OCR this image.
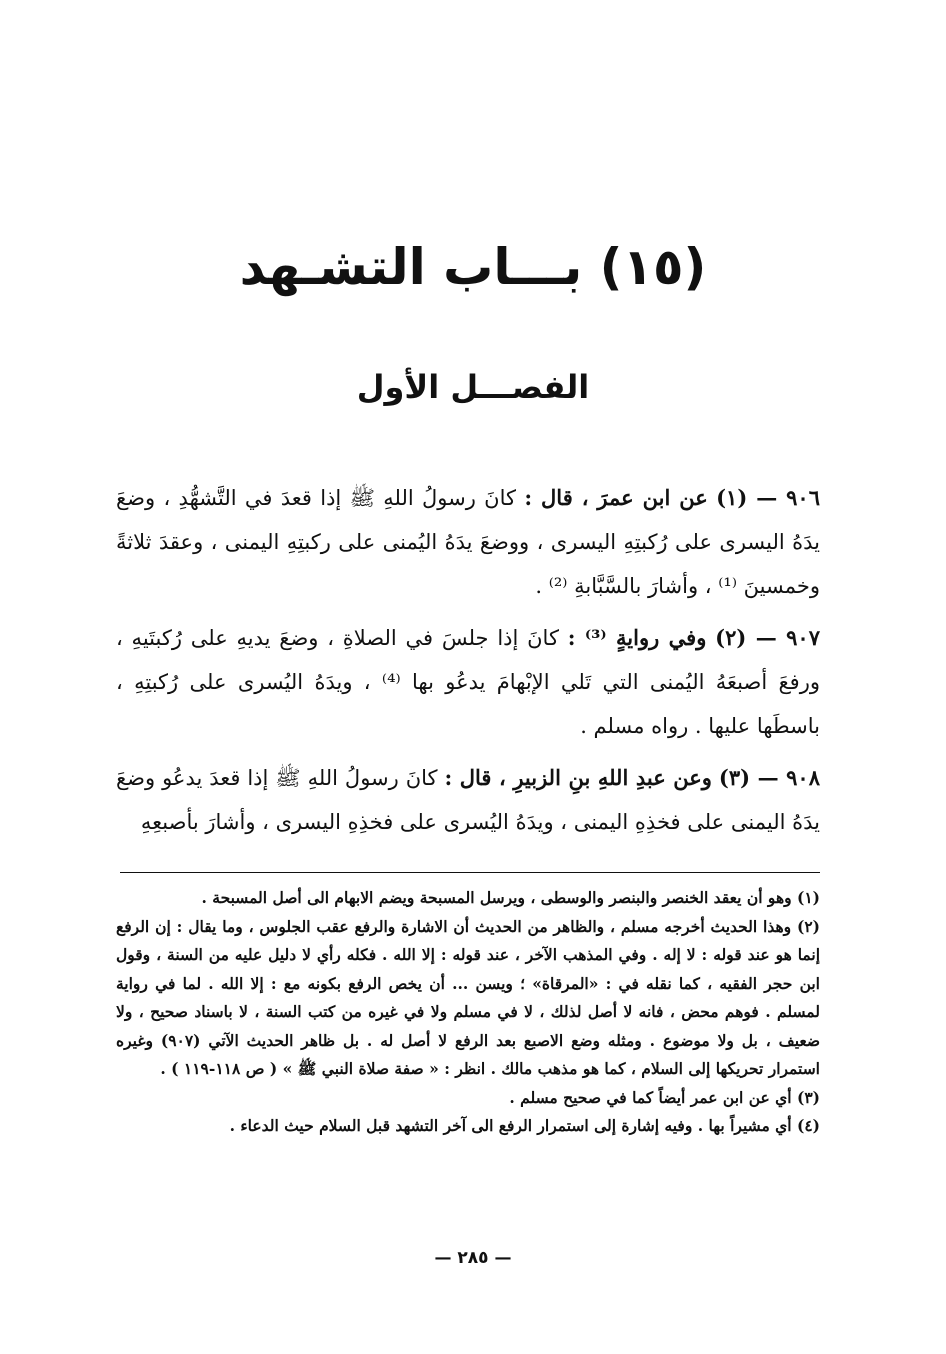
(١٥) بـــاب التشـهد
الفصـــل الأول

٩٠٦ — (١) عن ابن عمرَ ، قال : كانَ رسولُ اللهِ ﷺ إذا قعدَ في التَّشهُّدِ ، وضعَ يدَهُ اليسرى على رُكبتِهِ اليسرى ، ووضعَ يدَهُ اليُمنى على ركبتِهِ اليمنى ، وعقدَ ثلاثةً وخمسينَ ⁽¹⁾ ، وأشارَ بالسَّبَّابةِ ⁽²⁾ .

٩٠٧ — (٢) وفي روايةٍ ⁽³⁾ : كانَ إذا جلسَ في الصلاةِ ، وضعَ يديهِ على رُكبتَيهِ ، ورفعَ أصبعَهُ اليُمنى التي تَلي الإبْهامَ يدعُو بها ⁽⁴⁾ ، ويدَهُ اليُسرى على رُكبتِهِ ، باسطَها عليها . رواه مسلم .

٩٠٨ — (٣) وعن عبدِ اللهِ بنِ الزبيرِ ، قال : كانَ رسولُ اللهِ ﷺ إذا قعدَ يدعُو وضعَ يدَهُ اليمنى على فخذِهِ اليمنى ، ويدَهُ اليُسرى على فخذِهِ اليسرى ، وأشارَ بأصبعِهِ

(١) وهو أن يعقد الخنصر والبنصر والوسطى ، ويرسل المسبحة ويضم الابهام الى أصل المسبحة .

(٢) وهذا الحديث أخرجه مسلم ، والظاهر من الحديث أن الاشارة والرفع عقب الجلوس ، وما يقال : إن الرفع إنما هو عند قوله : لا إله . وفي المذهب الآخر ، عند قوله : إلا الله . فكله رأي لا دليل عليه من السنة ، وقول ابن حجر الفقيه ، كما نقله في : «المرقاة» ؛ ويسن ... أن يخص الرفع بكونه مع : إلا الله . لما في رواية لمسلم . فوهم محض ، فانه لا أصل لذلك ، لا في مسلم ولا في غيره من كتب السنة ، لا باسناد صحيح ، ولا ضعيف ، بل ولا موضوع . ومثله وضع الاصبع بعد الرفع لا أصل له . بل ظاهر الحديث الآتي (٩٠٧) وغيره استمرار تحريكها إلى السلام ، كما هو مذهب مالك . انظر : « صفة صلاة النبي ﷺ » ( ص ١١٨-١١٩ ) .

(٣) أي عن ابن عمر أيضاً كما في صحيح مسلم .

(٤) أي مشيراً بها . وفيه إشارة إلى استمرار الرفع الى آخر التشهد قبل السلام حيث الدعاء .

— ٢٨٥ —
